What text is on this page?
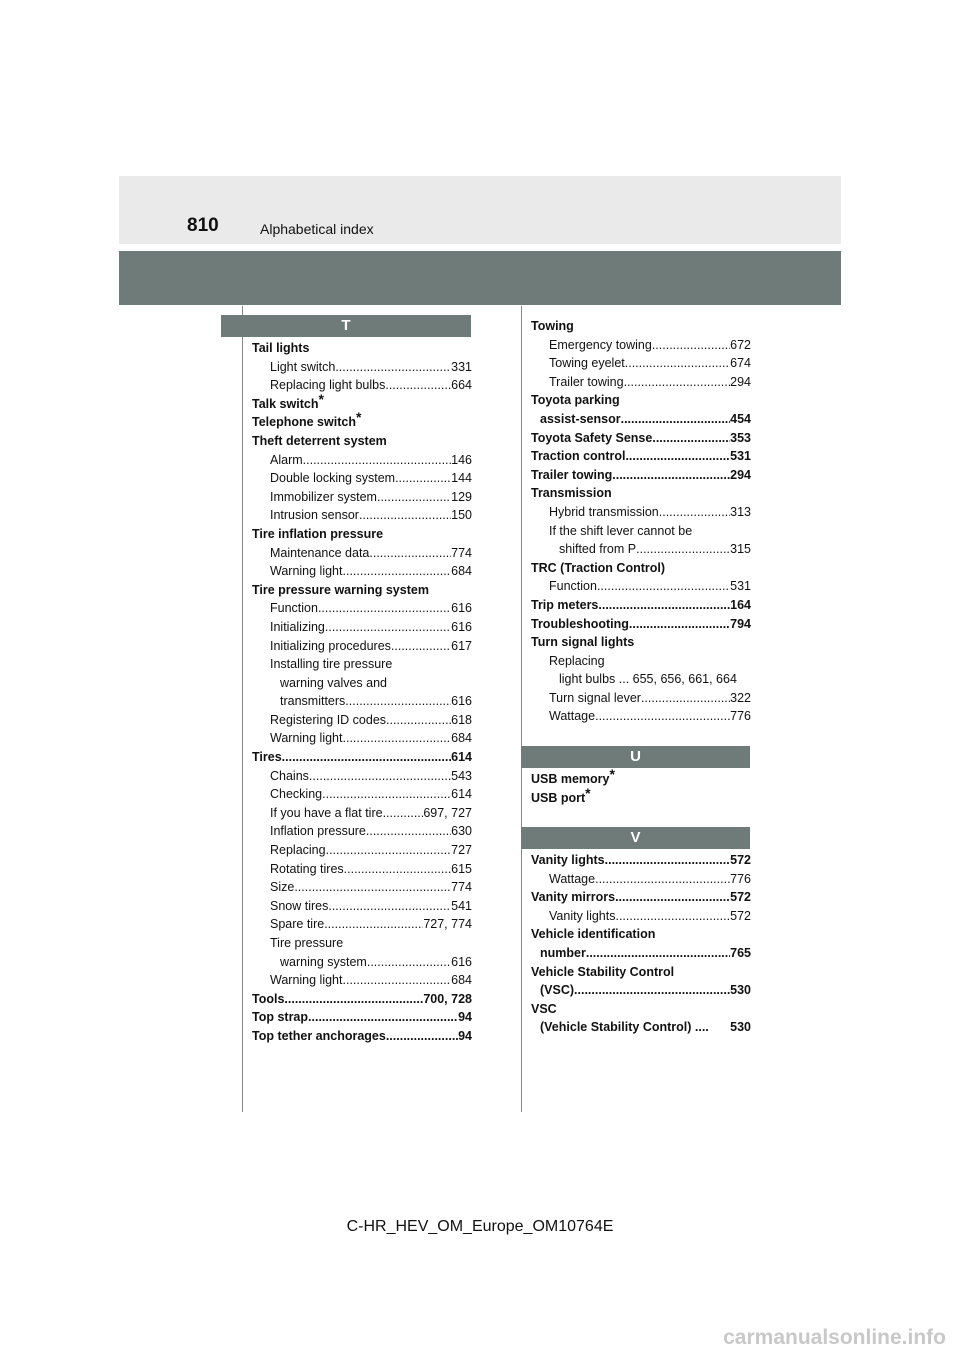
810	Alphabetical index
T
Tail lights
Light switch .....	331
Replacing light bulbs .....	664
Talk switch*
Telephone switch*
Theft deterrent system
Alarm .....	146
Double locking system .....	144
Immobilizer system .....	129
Intrusion sensor .....	150
Tire inflation pressure
Maintenance data .....	774
Warning light .....	684
Tire pressure warning system
Function .....	616
Initializing .....	616
Initializing procedures .....	617
Installing tire pressure
warning valves and
transmitters .....	616
Registering ID codes .....	618
Warning light .....	684
Tires .....	614
Chains .....	543
Checking .....	614
If you have a flat tire .....	697, 727
Inflation pressure .....	630
Replacing .....	727
Rotating tires .....	615
Size .....	774
Snow tires .....	541
Spare tire .....	727, 774
Tire pressure
warning system .....	616
Warning light .....	684
Tools .....	700, 728
Top strap .....	94
Top tether anchorages .....	94
Towing
Emergency towing .....	672
Towing eyelet .....	674
Trailer towing .....	294
Toyota parking
assist-sensor .....	454
Toyota Safety Sense .....	353
Traction control .....	531
Trailer towing .....	294
Transmission
Hybrid transmission .....	313
If the shift lever cannot be
shifted from P .....	315
TRC (Traction Control)
Function .....	531
Trip meters .....	164
Troubleshooting .....	794
Turn signal lights
Replacing
light bulbs ... 655, 656, 661, 664
Turn signal lever .....	322
Wattage .....	776
U
USB memory*
USB port*
V
Vanity lights .....	572
Wattage .....	776
Vanity mirrors .....	572
Vanity lights .....	572
Vehicle identification
number .....	765
Vehicle Stability Control
(VSC) .....	530
VSC
(Vehicle Stability Control) .... 530
C-HR_HEV_OM_Europe_OM10764E
carmanualsonline.info
